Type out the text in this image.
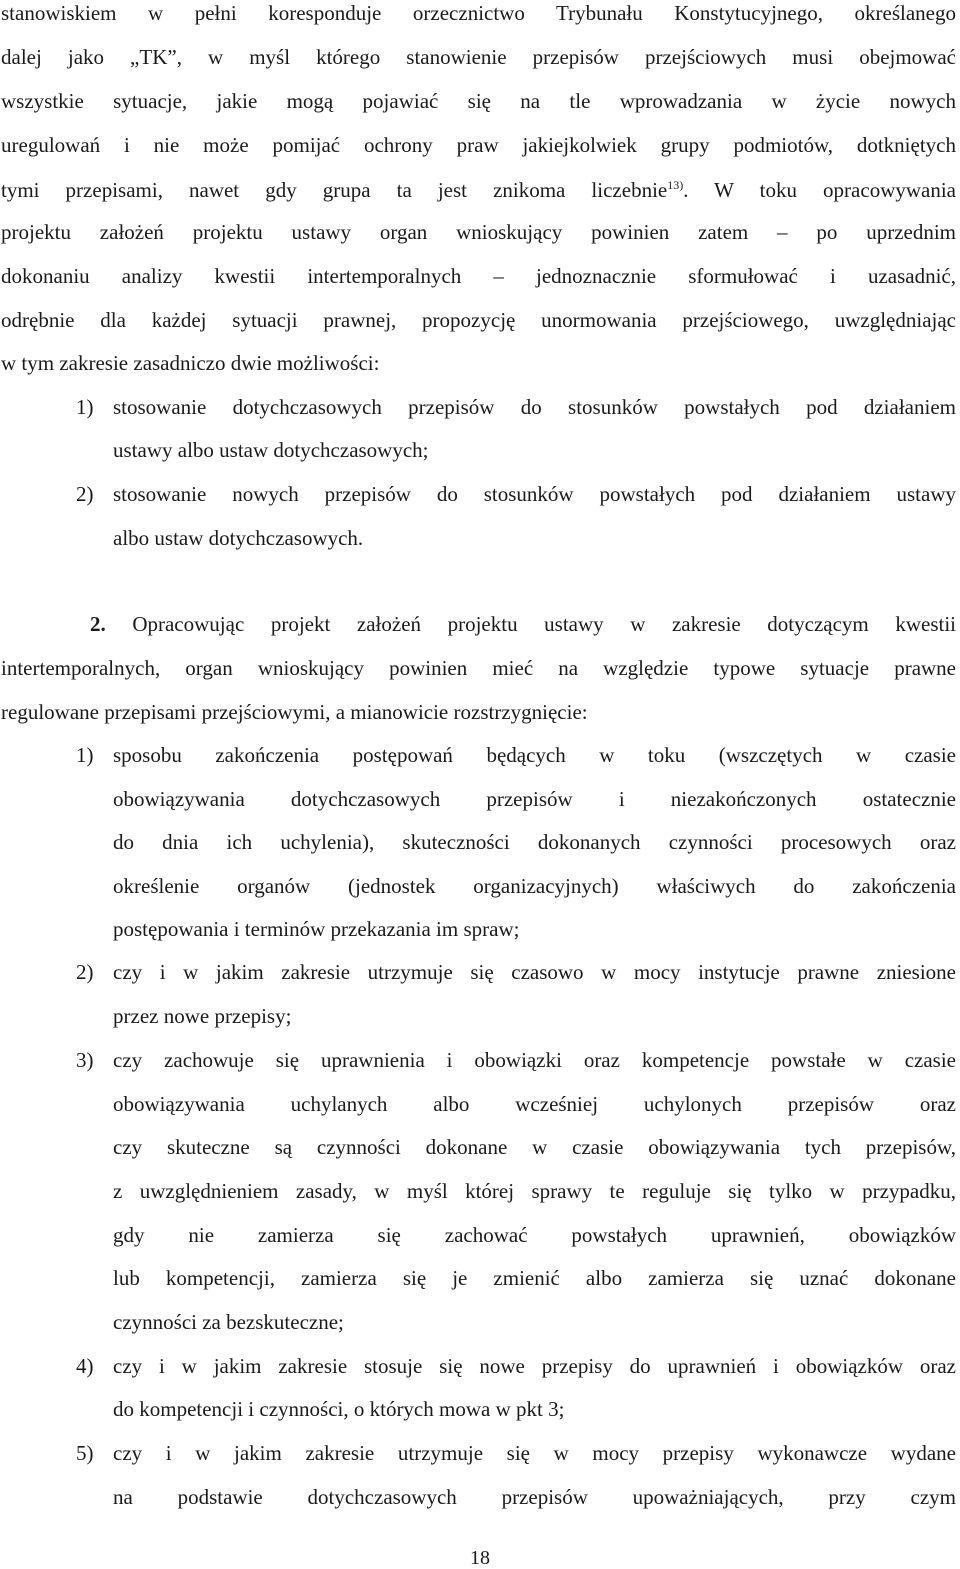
stanowiskiem w pełni koresponduje orzecznictwo Trybunału Konstytucyjnego, określanego
dalej jako „TK”, w myśl którego stanowienie przepisów przejściowych musi obejmować
wszystkie sytuacje, jakie mogą pojawiać się na tle wprowadzania w życie nowych
uregulowań i nie może pomijać ochrony praw jakiejkolwiek grupy podmiotów, dotkniętych
tymi przepisami, nawet gdy grupa ta jest znikoma liczebnie$^{13)}$. W toku opracowywania
projektu założeń projektu ustawy organ wnioskujący powinien zatem – po uprzednim
dokonaniu analizy kwestii intertemporalnych – jednoznacznie sformułować i uzasadnić,
odrębnie dla każdej sytuacji prawnej, propozycję unormowania przejściowego, uwzględniając
w tym zakresie zasadniczo dwie możliwości:
1) stosowanie dotychczasowych przepisów do stosunków powstałych pod działaniem
ustawy albo ustaw dotychczasowych;
2) stosowanie nowych przepisów do stosunków powstałych pod działaniem ustawy
albo ustaw dotychczasowych.
2. Opracowując projekt założeń projektu ustawy w zakresie dotyczącym kwestii
intertemporalnych, organ wnioskujący powinien mieć na względzie typowe sytuacje prawne
regulowane przepisami przejściowymi, a mianowicie rozstrzygnięcie:
1) sposobu zakończenia postępowań będących w toku (wszczętych w czasie
obowiązywania dotychczasowych przepisów i niezakończonych ostatecznie
do dnia ich uchylenia), skuteczności dokonanych czynności procesowych oraz
określenie organów (jednostek organizacyjnych) właściwych do zakończenia
postępowania i terminów przekazania im spraw;
2) czy i w jakim zakresie utrzymuje się czasowo w mocy instytucje prawne zniesione
przez nowe przepisy;
3) czy zachowuje się uprawnienia i obowiązki oraz kompetencje powstałe w czasie
obowiązywania uchylanych albo wcześniej uchylonych przepisów oraz
czy skuteczne są czynności dokonane w czasie obowiązywania tych przepisów,
z uwzględnieniem zasady, w myśl której sprawy te reguluje się tylko w przypadku,
gdy nie zamierza się zachować powstałych uprawnień, obowiązków
lub kompetencji, zamierza się je zmienić albo zamierza się uznać dokonane
czynności za bezskuteczne;
4) czy i w jakim zakresie stosuje się nowe przepisy do uprawnień i obowiązków oraz
do kompetencji i czynności, o których mowa w pkt 3;
5) czy i w jakim zakresie utrzymuje się w mocy przepisy wykonawcze wydane
na podstawie dotychczasowych przepisów upoważniających, przy czym
18
